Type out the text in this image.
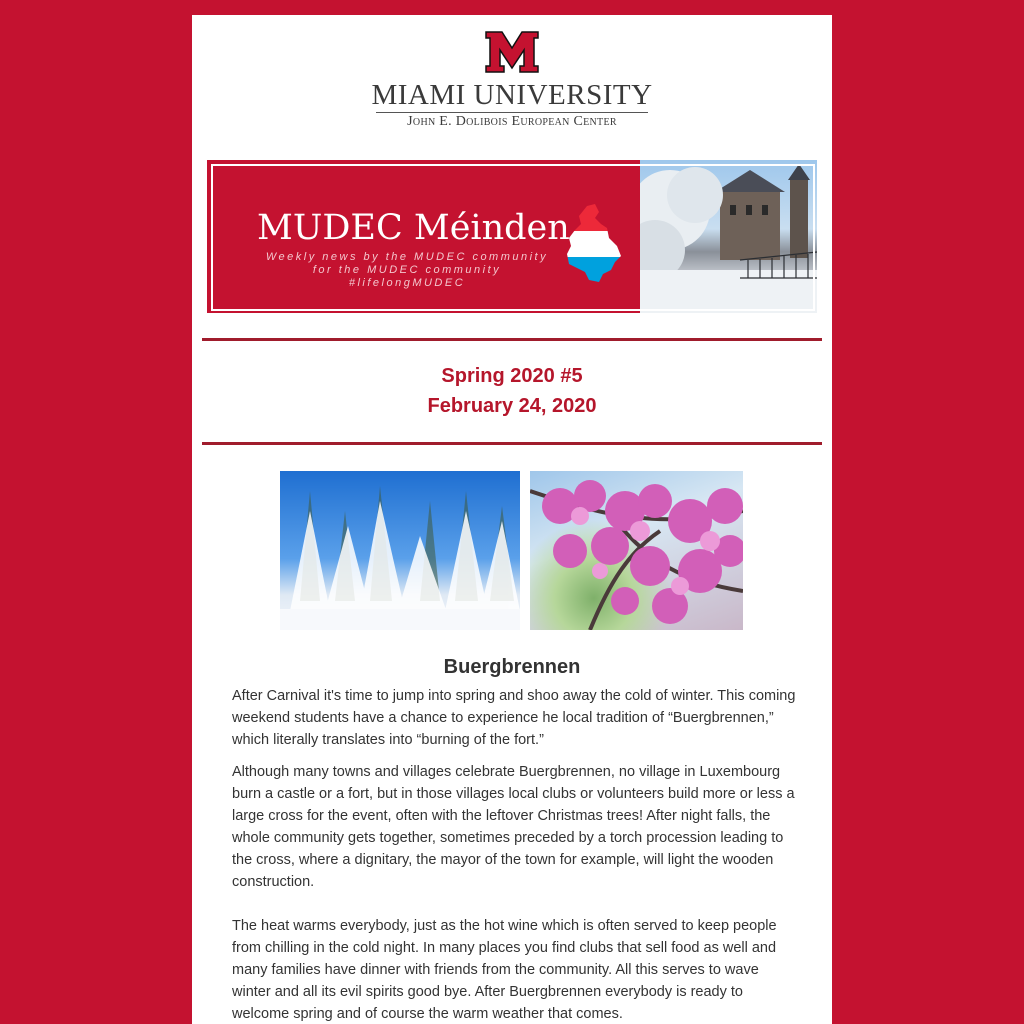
MIAMI UNIVERSITY
John E. Dolibois European Center
MUDEC Méinden
Weekly news by the MUDEC community
for the MUDEC community
#lifelongMUDEC
Spring 2020 #5
February 24, 2020
Buergbrennen

After Carnival it's time to jump into spring and shoo away the cold of winter. This coming weekend students have a chance to experience he local tradition of “Buergbrennen,” which literally translates into “burning of the fort.”

Although many towns and villages celebrate Buergbrennen, no village in Luxembourg burn a castle or a fort, but in those villages local clubs or volunteers build more or less a large cross for the event, often with the leftover Christmas trees! After night falls, the whole community gets together, sometimes preceded by a torch procession leading to the cross, where a dignitary, the mayor of the town for example, will light the wooden construction.

The heat warms everybody, just as the hot wine which is often served to keep people from chilling in the cold night. In many places you find clubs that sell food as well and many families have dinner with friends from the community. All this serves to wave winter and all its evil spirits good bye. After Buergbrennen everybody is ready to welcome spring and of course the warm weather that comes.
